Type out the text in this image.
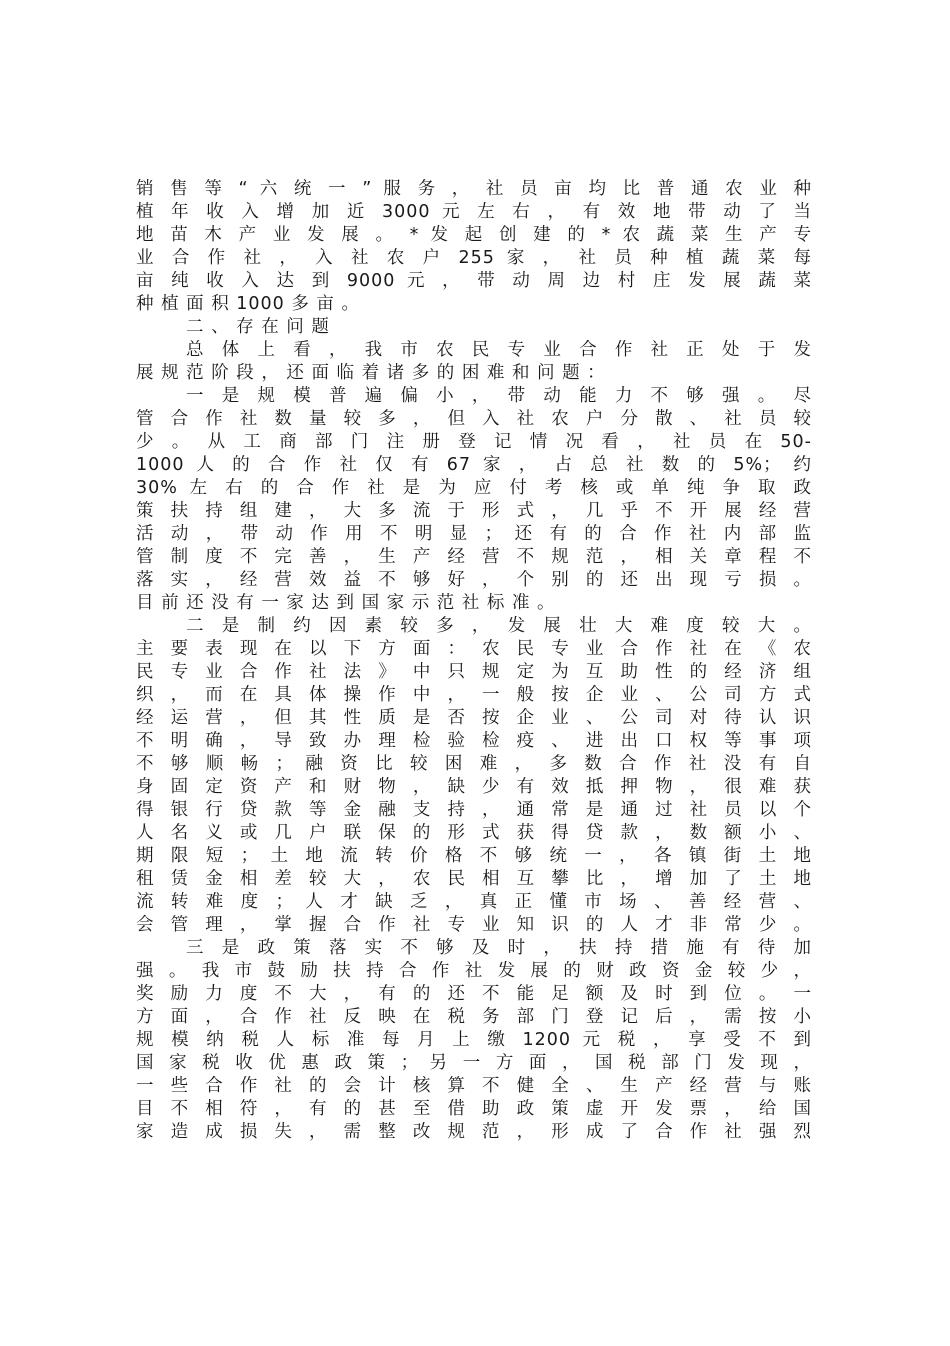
销 售 等 “ 六 统 一 ” 服 务 ， 社 员 亩 均 比 普 通 农 业 种
植 年 收 入 增 加 近 3000 元 左 右 ， 有 效 地 带 动 了 当
地 苗 木 产 业 发 展 。 * 发 起 创 建 的 * 农 蔬 菜 生 产 专
业 合 作 社 ， 入 社 农 户 255 家 ， 社 员 种 植 蔬 菜 每
亩 纯 收 入 达 到 9000 元 ， 带 动 周 边 村 庄 发 展 蔬 菜
种 植 面 积 1000 多 亩 。
二 、 存 在 问 题
总 体 上 看 ， 我 市 农 民 专 业 合 作 社 正 处 于 发
展 规 范 阶 段 ， 还 面 临 着 诸 多 的 困 难 和 问 题 ：
一 是 规 模 普 遍 偏 小 ， 带 动 能 力 不 够 强 。 尽
管 合 作 社 数 量 较 多 ， 但 入 社 农 户 分 散 、 社 员 较
少 。 从 工 商 部 门 注 册 登 记 情 况 看 ， 社 员 在 50-
1000 人 的 合 作 社 仅 有 67 家 ， 占 总 社 数 的 5%； 约
30% 左 右 的 合 作 社 是 为 应 付 考 核 或 单 纯 争 取 政
策 扶 持 组 建 ， 大 多 流 于 形 式 ， 几 乎 不 开 展 经 营
活 动 ， 带 动 作 用 不 明 显 ； 还 有 的 合 作 社 内 部 监
管 制 度 不 完 善 ， 生 产 经 营 不 规 范 ， 相 关 章 程 不
落 实 ， 经 营 效 益 不 够 好 ， 个 别 的 还 出 现 亏 损 。
目 前 还 没 有 一 家 达 到 国 家 示 范 社 标 准 。
二 是 制 约 因 素 较 多 ， 发 展 壮 大 难 度 较 大 。
主 要 表 现 在 以 下 方 面 ： 农 民 专 业 合 作 社 在 《 农
民 专 业 合 作 社 法 》 中 只 规 定 为 互 助 性 的 经 济 组
织 ， 而 在 具 体 操 作 中 ， 一 般 按 企 业 、 公 司 方 式
经 运 营 ， 但 其 性 质 是 否 按 企 业 、 公 司 对 待 认 识
不 明 确 ， 导 致 办 理 检 验 检 疫 、 进 出 口 权 等 事 项
不 够 顺 畅 ； 融 资 比 较 困 难 ， 多 数 合 作 社 没 有 自
身 固 定 资 产 和 财 物 ， 缺 少 有 效 抵 押 物 ， 很 难 获
得 银 行 贷 款 等 金 融 支 持 ， 通 常 是 通 过 社 员 以 个
人 名 义 或 几 户 联 保 的 形 式 获 得 贷 款 ， 数 额 小 、
期 限 短 ； 土 地 流 转 价 格 不 够 统 一 ， 各 镇 街 土 地
租 赁 金 相 差 较 大 ， 农 民 相 互 攀 比 ， 增 加 了 土 地
流 转 难 度 ； 人 才 缺 乏 ， 真 正 懂 市 场 、 善 经 营 、
会 管 理 ， 掌 握 合 作 社 专 业 知 识 的 人 才 非 常 少 。
三 是 政 策 落 实 不 够 及 时 ， 扶 持 措 施 有 待 加
强 。 我 市 鼓 励 扶 持 合 作 社 发 展 的 财 政 资 金 较 少 ，
奖 励 力 度 不 大 ， 有 的 还 不 能 足 额 及 时 到 位 。 一
方 面 ， 合 作 社 反 映 在 税 务 部 门 登 记 后 ， 需 按 小
规 模 纳 税 人 标 准 每 月 上 缴 1200 元 税 ， 享 受 不 到
国 家 税 收 优 惠 政 策 ； 另 一 方 面 ， 国 税 部 门 发 现 ，
一 些 合 作 社 的 会 计 核 算 不 健 全 、 生 产 经 营 与 账
目 不 相 符 ， 有 的 甚 至 借 助 政 策 虚 开 发 票 ， 给 国
家 造 成 损 失 ， 需 整 改 规 范 ， 形 成 了 合 作 社 强 烈
